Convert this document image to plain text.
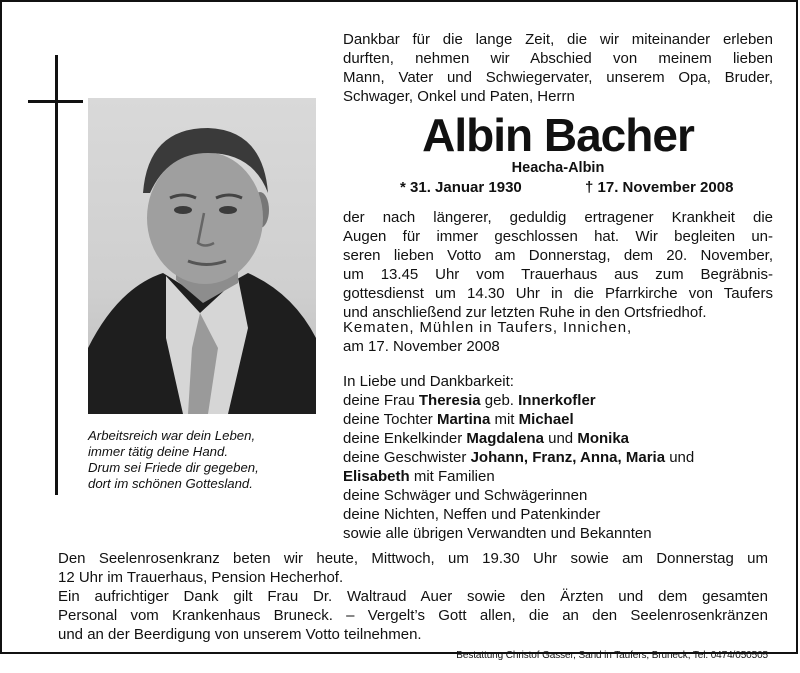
Arbeitsreich war dein Leben,
immer tätig deine Hand.
Drum sei Friede dir gegeben,
dort im schönen Gottesland.
Dankbar für die lange Zeit, die wir miteinander erleben
durften, nehmen wir Abschied von meinem lieben
Mann, Vater und Schwiegervater, unserem Opa, Bruder,
Schwager, Onkel und Paten, Herrn
Albin Bacher
Heacha-Albin
* 31. Januar 1930	† 17. November 2008
der nach längerer, geduldig ertragener Krankheit die
Augen für immer geschlossen hat. Wir begleiten un-
seren lieben Votto am Donnerstag, dem 20. November,
um 13.45 Uhr vom Trauerhaus aus zum Begräbnis-
gottesdienst um 14.30 Uhr in die Pfarrkirche von Taufers
und anschließend zur letzten Ruhe in den Ortsfriedhof.
Kematen, Mühlen in Taufers, Innichen,
am 17. November 2008
In Liebe und Dankbarkeit:
deine Frau Theresia geb. Innerkofler
deine Tochter Martina mit Michael
deine Enkelkinder Magdalena und Monika
deine Geschwister Johann, Franz, Anna, Maria und
Elisabeth mit Familien
deine Schwäger und Schwägerinnen
deine Nichten, Neffen und Patenkinder
sowie alle übrigen Verwandten und Bekannten
Den Seelenrosenkranz beten wir heute, Mittwoch, um 19.30 Uhr sowie am Donnerstag um
12 Uhr im Trauerhaus, Pension Hecherhof.
Ein aufrichtiger Dank gilt Frau Dr. Waltraud Auer sowie den Ärzten und dem gesamten
Personal vom Krankenhaus Bruneck. – Vergelt’s Gott allen, die an den Seelenrosenkränzen
und an der Beerdigung von unserem Votto teilnehmen.
Bestattung Christof Gasser, Sand in Taufers, Bruneck, Tel. 0474/050505
